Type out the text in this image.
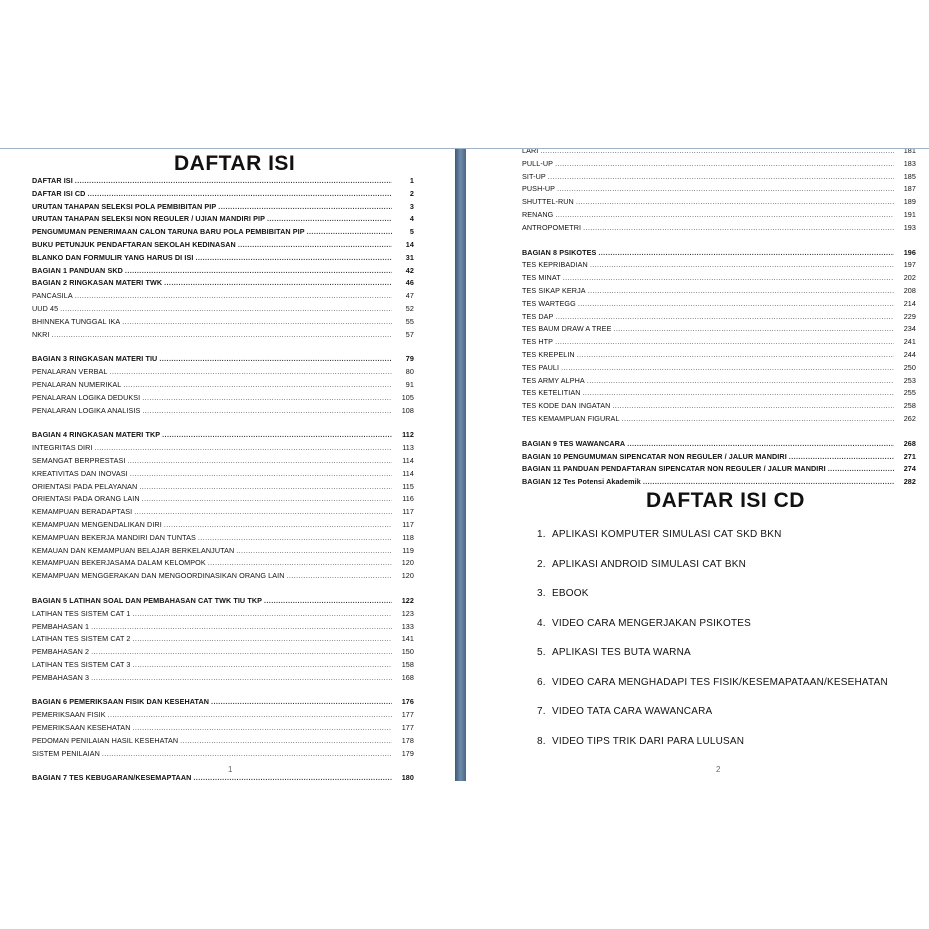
DAFTAR ISI
DAFTAR ISI .....	1
DAFTAR ISI CD .....	2
URUTAN TAHAPAN SELEKSI POLA PEMBIBITAN PIP .....	3
URUTAN TAHAPAN SELEKSI NON REGULER / UJIAN MANDIRI PIP .....	4
PENGUMUMAN PENERIMAAN CALON TARUNA BARU POLA PEMBIBITAN PIP .....	5
BUKU PETUNJUK PENDAFTARAN SEKOLAH KEDINASAN .....	14
BLANKO DAN FORMULIR YANG HARUS DI ISI .....	31
BAGIAN 1 PANDUAN SKD .....	42
BAGIAN 2 RINGKASAN MATERI TWK .....	46
PANCASILA .....	47
UUD 45 .....	52
BHINNEKA TUNGGAL IKA .....	55
NKRI .....	57
BAGIAN 3 RINGKASAN MATERI TIU .....	79
PENALARAN VERBAL .....	80
PENALARAN NUMERIKAL .....	91
PENALARAN LOGIKA DEDUKSI .....	105
PENALARAN LOGIKA ANALISIS .....	108
BAGIAN 4 RINGKASAN MATERI TKP .....	112
INTEGRITAS DIRI .....	113
SEMANGAT BERPRESTASI .....	114
KREATIVITAS DAN INOVASI .....	114
ORIENTASI PADA PELAYANAN .....	115
ORIENTASI PADA ORANG LAIN .....	116
KEMAMPUAN BERADAPTASI .....	117
KEMAMPUAN MENGENDALIKAN DIRI .....	117
KEMAMPUAN BEKERJA MANDIRI DAN TUNTAS .....	118
KEMAUAN DAN KEMAMPUAN BELAJAR BERKELANJUTAN .....	119
KEMAMPUAN BEKERJASAMA DALAM KELOMPOK .....	120
KEMAMPUAN MENGGERAKAN DAN MENGOORDINASIKAN ORANG LAIN .....	120
BAGIAN 5 LATIHAN SOAL DAN PEMBAHASAN CAT TWK TIU TKP .....	122
LATIHAN TES SISTEM CAT 1 .....	123
PEMBAHASAN 1 .....	133
LATIHAN TES SISTEM CAT 2 .....	141
PEMBAHASAN 2 .....	150
LATIHAN TES SISTEM CAT 3 .....	158
PEMBAHASAN 3 .....	168
BAGIAN 6 PEMERIKSAAN FISIK DAN KESEHATAN .....	176
PEMERIKSAAN FISIK .....	177
PEMERIKSAAN KESEHATAN .....	177
PEDOMAN PENILAIAN HASIL KESEHATAN .....	178
SISTEM PENILAIAN .....	179
BAGIAN 7 TES KEBUGARAN/KESEMAPTAAN .....	180
1
LARI .....	181
PULL-UP .....	183
SIT-UP .....	185
PUSH-UP .....	187
SHUTTEL-RUN .....	189
RENANG .....	191
ANTROPOMETRI .....	193
BAGIAN 8 PSIKOTES .....	196
TES KEPRIBADIAN .....	197
TES MINAT .....	202
TES SIKAP KERJA .....	208
TES WARTEGG .....	214
TES DAP .....	229
TES BAUM DRAW A TREE .....	234
TES HTP .....	241
TES KREPELIN .....	244
TES PAULI .....	250
TES ARMY ALPHA .....	253
TES KETELITIAN .....	255
TES KODE DAN INGATAN .....	258
TES KEMAMPUAN FIGURAL .....	262
BAGIAN 9 TES WAWANCARA .....	268
BAGIAN 10 PENGUMUMAN SIPENCATAR NON REGULER / JALUR MANDIRI .....	271
BAGIAN 11 PANDUAN PENDAFTARAN SIPENCATAR NON REGULER / JALUR MANDIRI .....	274
BAGIAN 12 Tes Potensi Akademik .....	282
DAFTAR ISI CD
1. APLIKASI KOMPUTER SIMULASI CAT SKD BKN
2. APLIKASI ANDROID SIMULASI CAT BKN
3. EBOOK
4. VIDEO CARA MENGERJAKAN PSIKOTES
5. APLIKASI TES BUTA WARNA
6. VIDEO CARA MENGHADAPI TES FISIK/KESEMAPATAAN/KESEHATAN
7. VIDEO TATA CARA WAWANCARA
8. VIDEO TIPS TRIK DARI PARA LULUSAN
2
